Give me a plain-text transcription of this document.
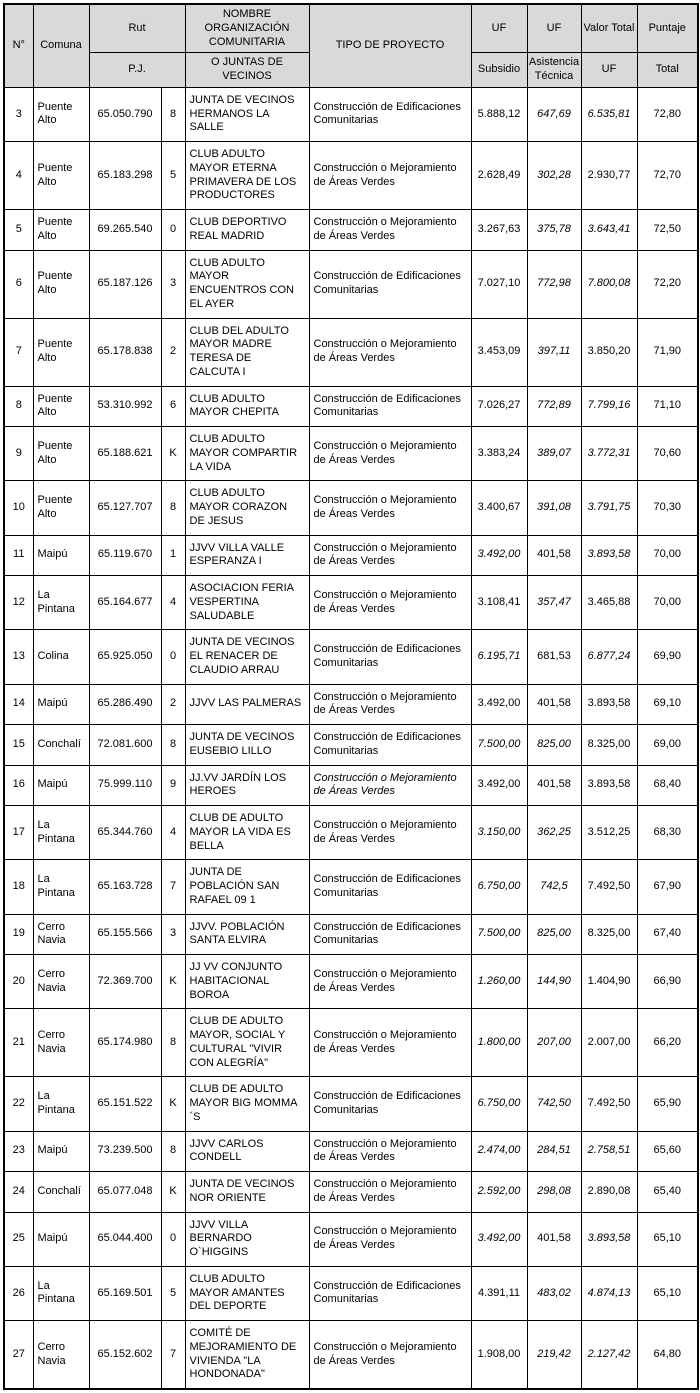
N°	Comuna	Rut		NOMBRE ORGANIZACIÓN COMUNITARIA	TIPO DE PROYECTO	UF	UF	Valor Total	Puntaje
		P.J.		O JUNTAS DE VECINOS		Subsidio	Asistencia Técnica	UF	Total
3	Puente Alto	65.050.790	8	JUNTA DE VECINOS HERMANOS LA SALLE	Construcción de Edificaciones Comunitarias	5.888,12	647,69	6.535,81	72,80
4	Puente Alto	65.183.298	5	CLUB ADULTO MAYOR ETERNA PRIMAVERA DE LOS PRODUCTORES	Construcción o Mejoramiento de Áreas Verdes	2.628,49	302,28	2.930,77	72,70
5	Puente Alto	69.265.540	0	CLUB DEPORTIVO REAL MADRID	Construcción o Mejoramiento de Áreas Verdes	3.267,63	375,78	3.643,41	72,50
6	Puente Alto	65.187.126	3	CLUB ADULTO MAYOR ENCUENTROS CON EL AYER	Construcción de Edificaciones Comunitarias	7.027,10	772,98	7.800,08	72,20
7	Puente Alto	65.178.838	2	CLUB DEL ADULTO MAYOR MADRE TERESA DE CALCUTA I	Construcción o Mejoramiento de Áreas Verdes	3.453,09	397,11	3.850,20	71,90
8	Puente Alto	53.310.992	6	CLUB ADULTO MAYOR CHEPITA	Construcción de Edificaciones Comunitarias	7.026,27	772,89	7.799,16	71,10
9	Puente Alto	65.188.621	K	CLUB ADULTO MAYOR COMPARTIR LA VIDA	Construcción o Mejoramiento de Áreas Verdes	3.383,24	389,07	3.772,31	70,60
10	Puente Alto	65.127.707	8	CLUB ADULTO MAYOR CORAZON DE JESUS	Construcción o Mejoramiento de Áreas Verdes	3.400,67	391,08	3.791,75	70,30
11	Maipú	65.119.670	1	JJVV VILLA VALLE ESPERANZA I	Construcción o Mejoramiento de Áreas Verdes	3.492,00	401,58	3.893,58	70,00
12	La Pintana	65.164.677	4	ASOCIACION FERIA VESPERTINA SALUDABLE	Construcción o Mejoramiento de Áreas Verdes	3.108,41	357,47	3.465,88	70,00
13	Colina	65.925.050	0	JUNTA DE VECINOS EL RENACER DE CLAUDIO ARRAU	Construcción de Edificaciones Comunitarias	6.195,71	681,53	6.877,24	69,90
14	Maipú	65.286.490	2	JJVV LAS PALMERAS	Construcción o Mejoramiento de Áreas Verdes	3.492,00	401,58	3.893,58	69,10
15	Conchalí	72.081.600	8	JUNTA DE VECINOS EUSEBIO LILLO	Construcción de Edificaciones Comunitarias	7.500,00	825,00	8.325,00	69,00
16	Maipú	75.999.110	9	JJ.VV JARDÍN LOS HEROES	Construcción o Mejoramiento de Áreas Verdes	3.492,00	401,58	3.893,58	68,40
17	La Pintana	65.344.760	4	CLUB DE ADULTO MAYOR LA VIDA ES BELLA	Construcción o Mejoramiento de Áreas Verdes	3.150,00	362,25	3.512,25	68,30
18	La Pintana	65.163.728	7	JUNTA DE POBLACIÓN SAN RAFAEL 09 1	Construcción de Edificaciones Comunitarias	6.750,00	742,5	7.492,50	67,90
19	Cerro Navia	65.155.566	3	JJVV. POBLACIÓN SANTA ELVIRA	Construcción de Edificaciones Comunitarias	7.500,00	825,00	8.325,00	67,40
20	Cerro Navia	72.369.700	K	JJ VV CONJUNTO HABITACIONAL BOROA	Construcción o Mejoramiento de Áreas Verdes	1.260,00	144,90	1.404,90	66,90
21	Cerro Navia	65.174.980	8	CLUB DE ADULTO MAYOR, SOCIAL Y CULTURAL "VIVIR CON ALEGRÍA"	Construcción o Mejoramiento de Áreas Verdes	1.800,00	207,00	2.007,00	66,20
22	La Pintana	65.151.522	K	CLUB DE ADULTO MAYOR BIG MOMMA´S	Construcción de Edificaciones Comunitarias	6.750,00	742,50	7.492,50	65,90
23	Maipú	73.239.500	8	JJVV CARLOS CONDELL	Construcción o Mejoramiento de Áreas Verdes	2.474,00	284,51	2.758,51	65,60
24	Conchalí	65.077.048	K	JUNTA DE VECINOS NOR ORIENTE	Construcción o Mejoramiento de Áreas Verdes	2.592,00	298,08	2.890,08	65,40
25	Maipú	65.044.400	0	JJVV VILLA BERNARDO O`HIGGINS	Construcción o Mejoramiento de Áreas Verdes	3.492,00	401,58	3.893,58	65,10
26	La Pintana	65.169.501	5	CLUB ADULTO MAYOR AMANTES DEL DEPORTE	Construcción de Edificaciones Comunitarias	4.391,11	483,02	4.874,13	65,10
27	Cerro Navia	65.152.602	7	COMITÉ DE MEJORAMIENTO DE VIVIENDA "LA HONDONADA"	Construcción o Mejoramiento de Áreas Verdes	1.908,00	219,42	2.127,42	64,80
